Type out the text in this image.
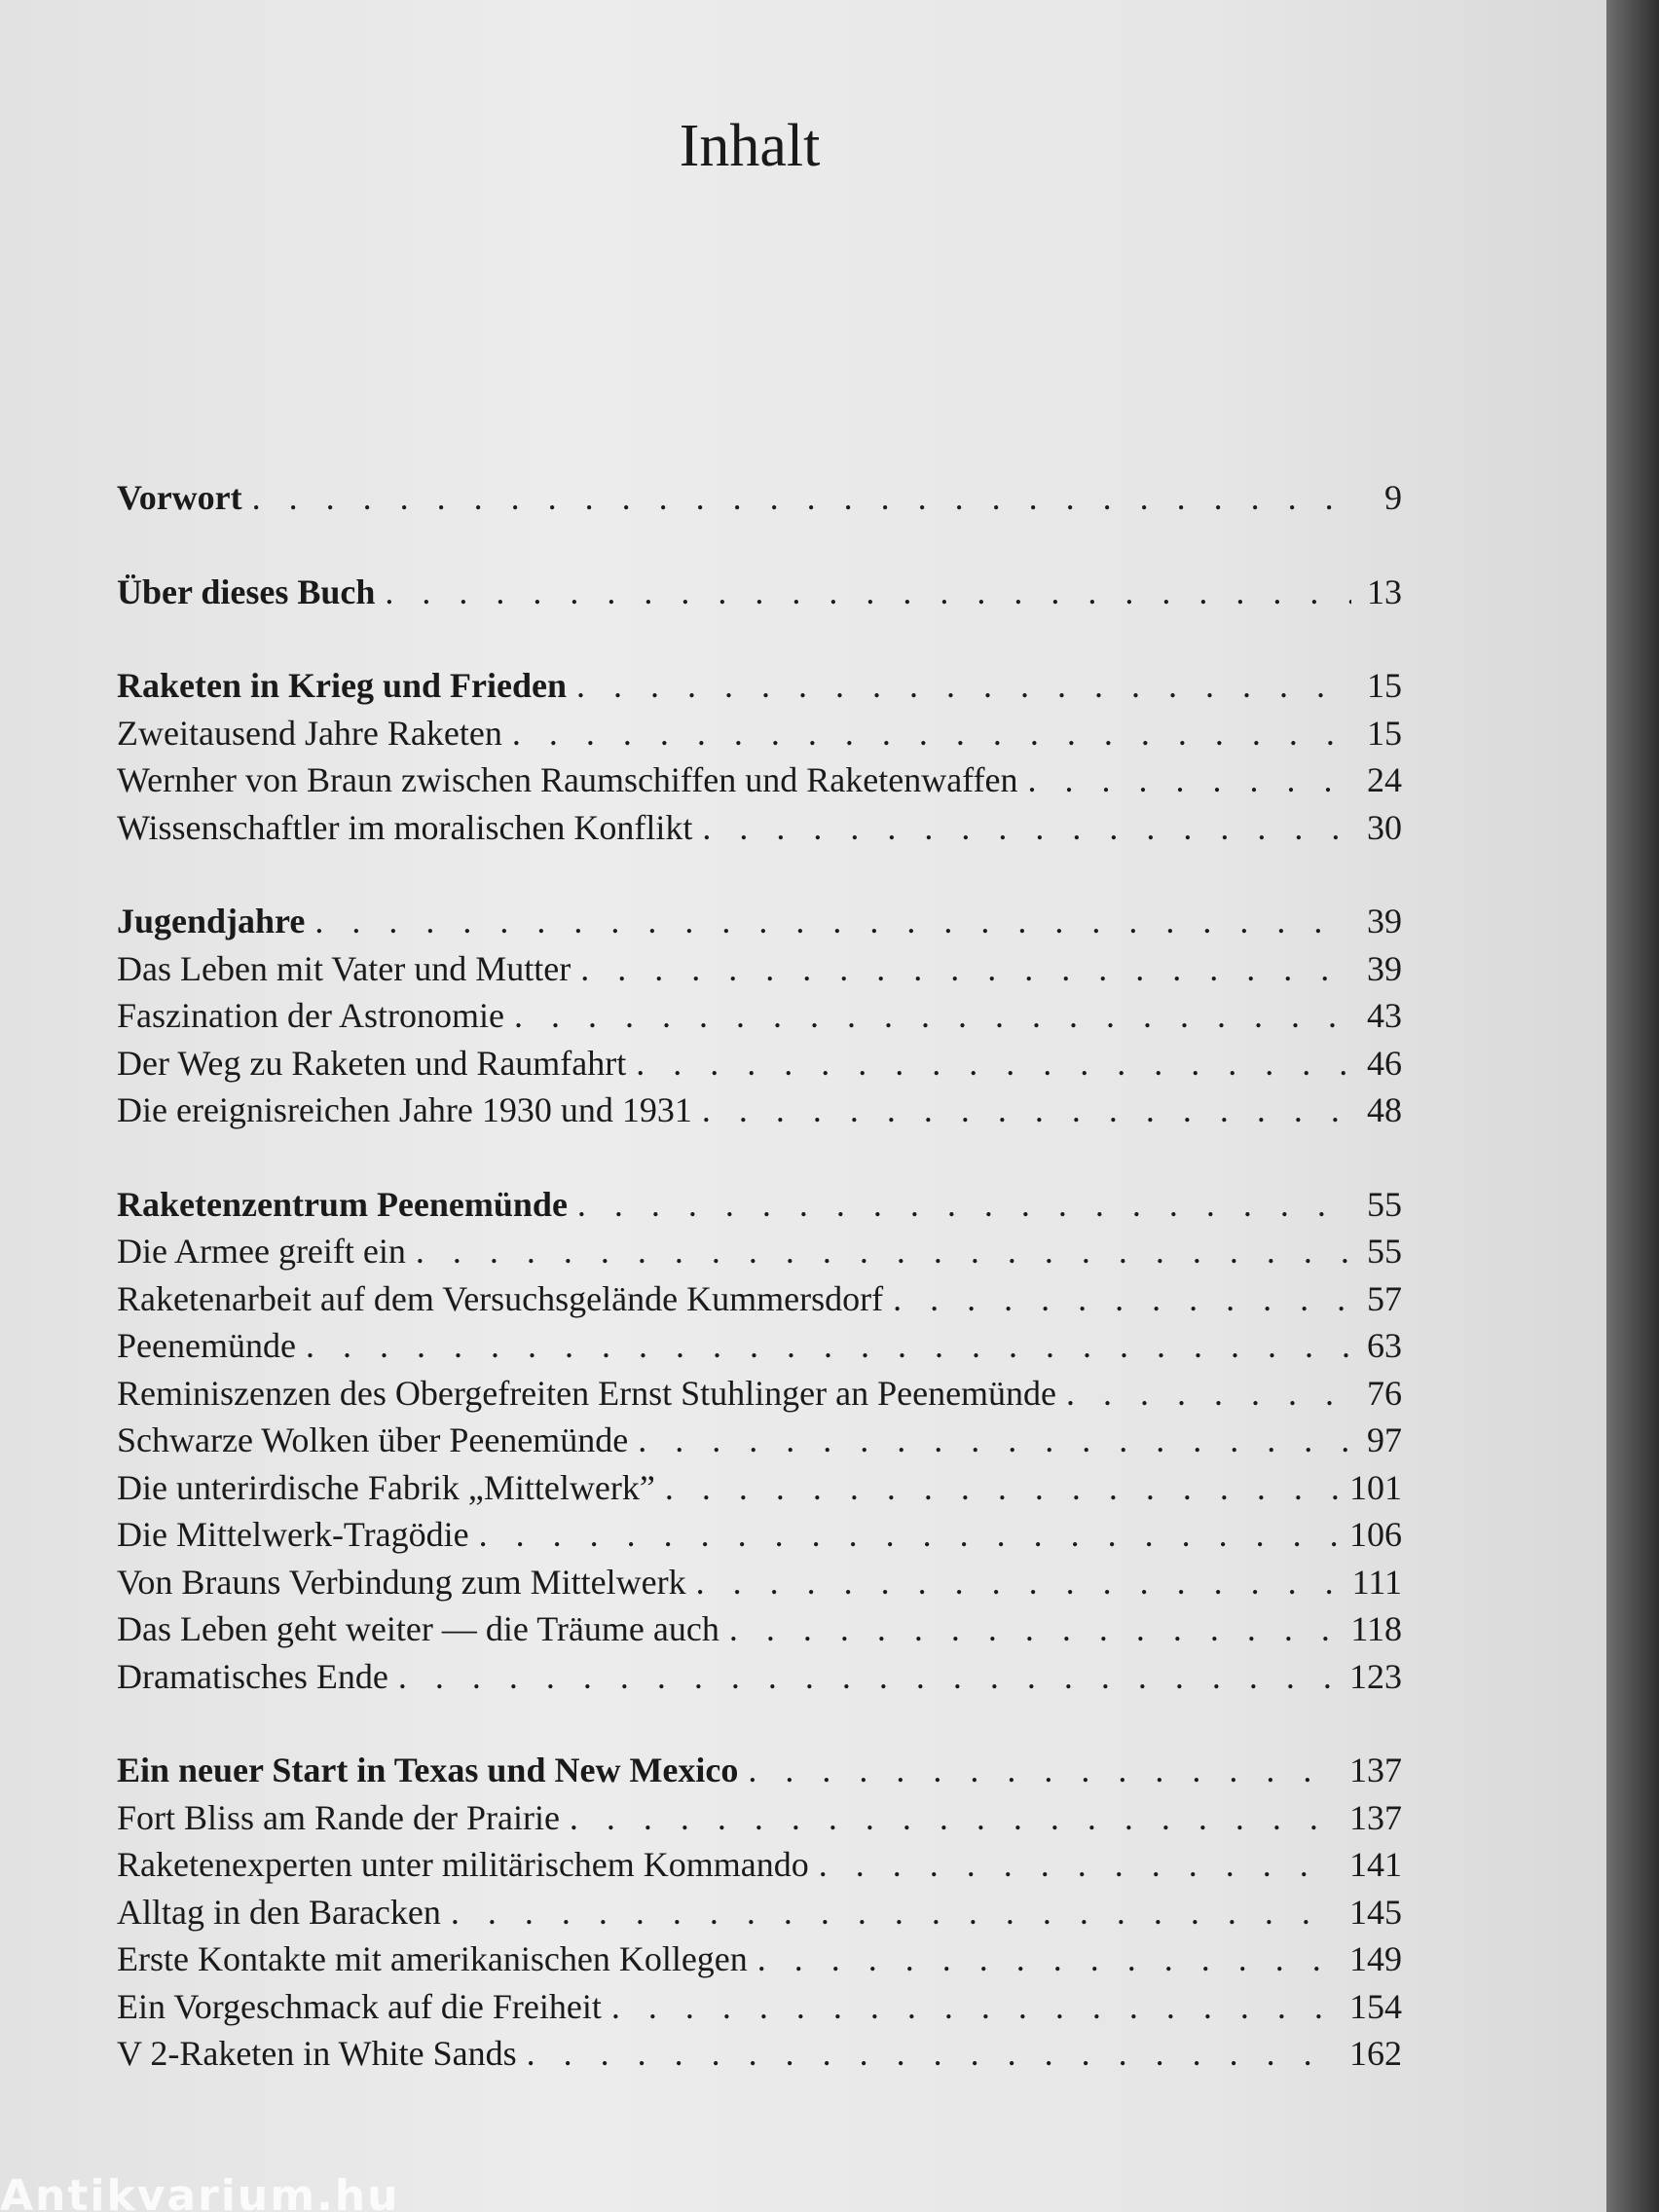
Inhalt
Vorwort . . .	9
Über dieses Buch . . .	13
Raketen in Krieg und Frieden . . .	15
Zweitausend Jahre Raketen . . .	15
Wernher von Braun zwischen Raumschiffen und Raketenwaffen . . .	24
Wissenschaftler im moralischen Konflikt . . .	30
Jugendjahre . . .	39
Das Leben mit Vater und Mutter . . .	39
Faszination der Astronomie . . .	43
Der Weg zu Raketen und Raumfahrt . . .	46
Die ereignisreichen Jahre 1930 und 1931 . . .	48
Raketenzentrum Peenemünde . . .	55
Die Armee greift ein . . .	55
Raketenarbeit auf dem Versuchsgelände Kummersdorf . . .	57
Peenemünde . . .	63
Reminiszenzen des Obergefreiten Ernst Stuhlinger an Peenemünde . . .	76
Schwarze Wolken über Peenemünde . . .	97
Die unterirdische Fabrik „Mittelwerk” . . .	101
Die Mittelwerk-Tragödie . . .	106
Von Brauns Verbindung zum Mittelwerk . . .	111
Das Leben geht weiter — die Träume auch . . .	118
Dramatisches Ende . . .	123
Ein neuer Start in Texas und New Mexico . . .	137
Fort Bliss am Rande der Prairie . . .	137
Raketenexperten unter militärischem Kommando . . .	141
Alltag in den Baracken . . .	145
Erste Kontakte mit amerikanischen Kollegen . . .	149
Ein Vorgeschmack auf die Freiheit . . .	154
V 2-Raketen in White Sands . . .	162
Antikvarium.hu
